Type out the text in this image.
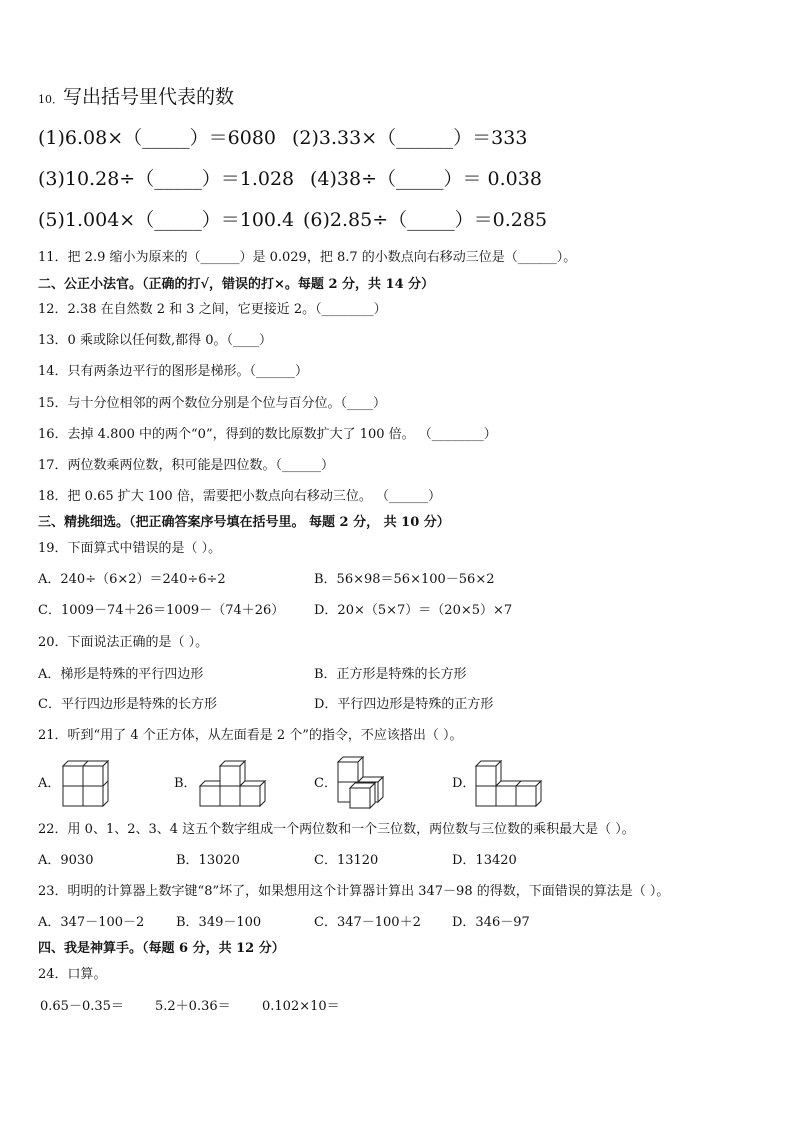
10．写出括号里代表的数
(1)6.08×（_____）＝6080 (2)3.33×（______）＝333
(3)10.28÷（_____）＝1.028 (4)38÷（_____）＝ 0.038
(5)1.004×（_____）＝100.4 (6)2.85÷（_____）＝0.285
11．把 2.9 缩小为原来的（______）是 0.029，把 8.7 的小数点向右移动三位是（______）。
二、公正小法官。（正确的打√，错误的打×。每题 2 分，共 14 分）
12．2.38 在自然数 2 和 3 之间，它更接近 2。（________）
13．0 乘或除以任何数,都得 0。（____）
14．只有两条边平行的图形是梯形。（______）
15．与十分位相邻的两个数位分别是个位与百分位。（____）
16．去掉 4.800 中的两个“0”，得到的数比原数扩大了 100 倍。 （________）
17．两位数乘两位数，积可能是四位数。（______）
18．把 0.65 扩大 100 倍，需要把小数点向右移动三位。 （______）
三、精挑细选。（把正确答案序号填在括号里。 每题 2 分， 共 10 分）
19．下面算式中错误的是（ ）。
A．240÷（6×2）＝240÷6÷2	B．56×98＝56×100－56×2
C．1009－74＋26＝1009－（74＋26） D．20×（5×7）＝（20×5）×7
20．下面说法正确的是（ ）。
A．梯形是特殊的平行四边形	B．正方形是特殊的长方形
C．平行四边形是特殊的长方形	D．平行四边形是特殊的正方形
21．听到“用了 4 个正方体，从左面看是 2 个”的指令，不应该搭出（ ）。
A．	B．	C．	D．
22．用 0、1、2、3、4 这五个数字组成一个两位数和一个三位数，两位数与三位数的乘积最大是（ ）。
A．9030	B．13020	C．13120	D．13420
23．明明的计算器上数字键“8”坏了，如果想用这个计算器计算出 347－98 的得数，下面错误的算法是（ ）。
A．347－100－2 B．349－100	C．347－100＋2 D．346－97
四、我是神算手。（每题 6 分，共 12 分）
24．口算。
0.65－0.35＝ 5.2＋0.36＝ 0.102×10＝
